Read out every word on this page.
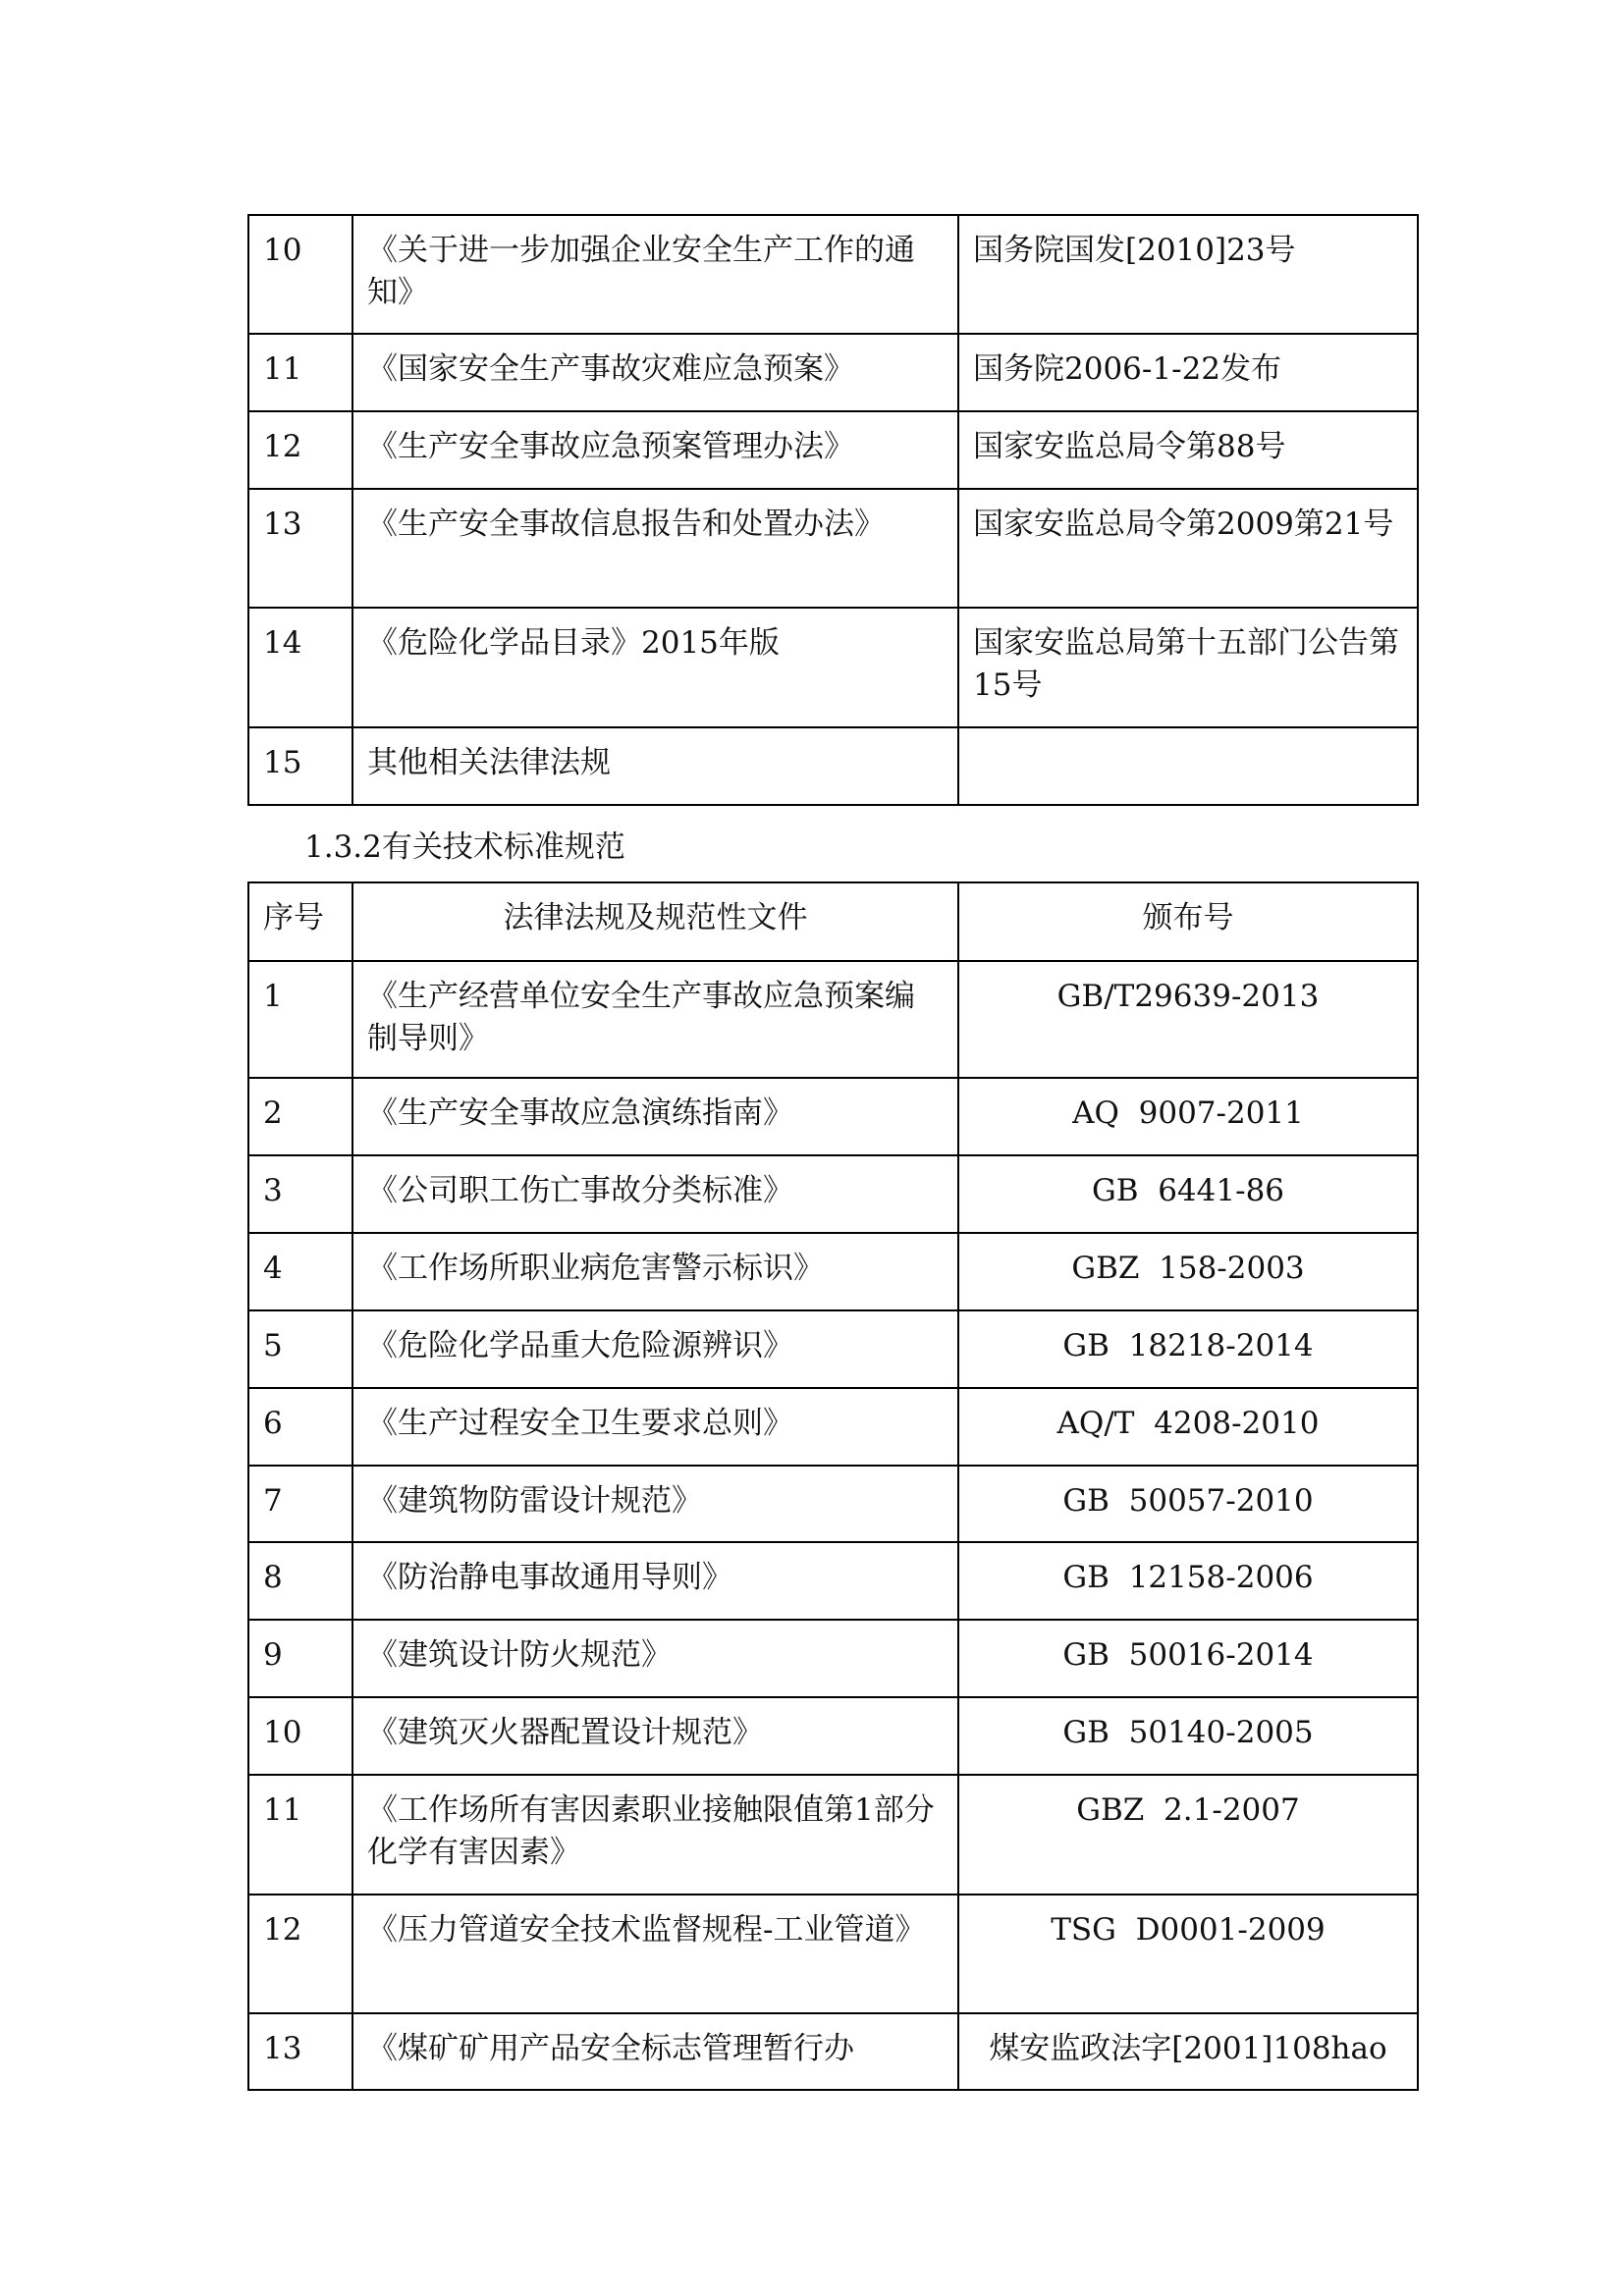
10	《关于进一步加强企业安全生产工作的通知》	国务院国发[2010]23号
11	《国家安全生产事故灾难应急预案》	国务院2006-1-22发布
12	《生产安全事故应急预案管理办法》	国家安监总局令第88号
13	《生产安全事故信息报告和处置办法》	国家安监总局令第2009第21号
14	《危险化学品目录》2015年版	国家安监总局第十五部门公告第15号
15	其他相关法律法规	
1.3.2有关技术标准规范
序号	法律法规及规范性文件	颁布号
1	《生产经营单位安全生产事故应急预案编制导则》	GB/T29639-2013
2	《生产安全事故应急演练指南》	AQ  9007-2011
3	《公司职工伤亡事故分类标准》	GB  6441-86
4	《工作场所职业病危害警示标识》	GBZ  158-2003
5	《危险化学品重大危险源辨识》	GB  18218-2014
6	《生产过程安全卫生要求总则》	AQ/T  4208-2010
7	《建筑物防雷设计规范》	GB  50057-2010
8	《防治静电事故通用导则》	GB  12158-2006
9	《建筑设计防火规范》	GB  50016-2014
10	《建筑灭火器配置设计规范》	GB  50140-2005
11	《工作场所有害因素职业接触限值第1部分化学有害因素》	GBZ  2.1-2007
12	《压力管道安全技术监督规程-工业管道》	TSG  D0001-2009
13	《煤矿矿用产品安全标志管理暂行办	煤安监政法字[2001]108hao
